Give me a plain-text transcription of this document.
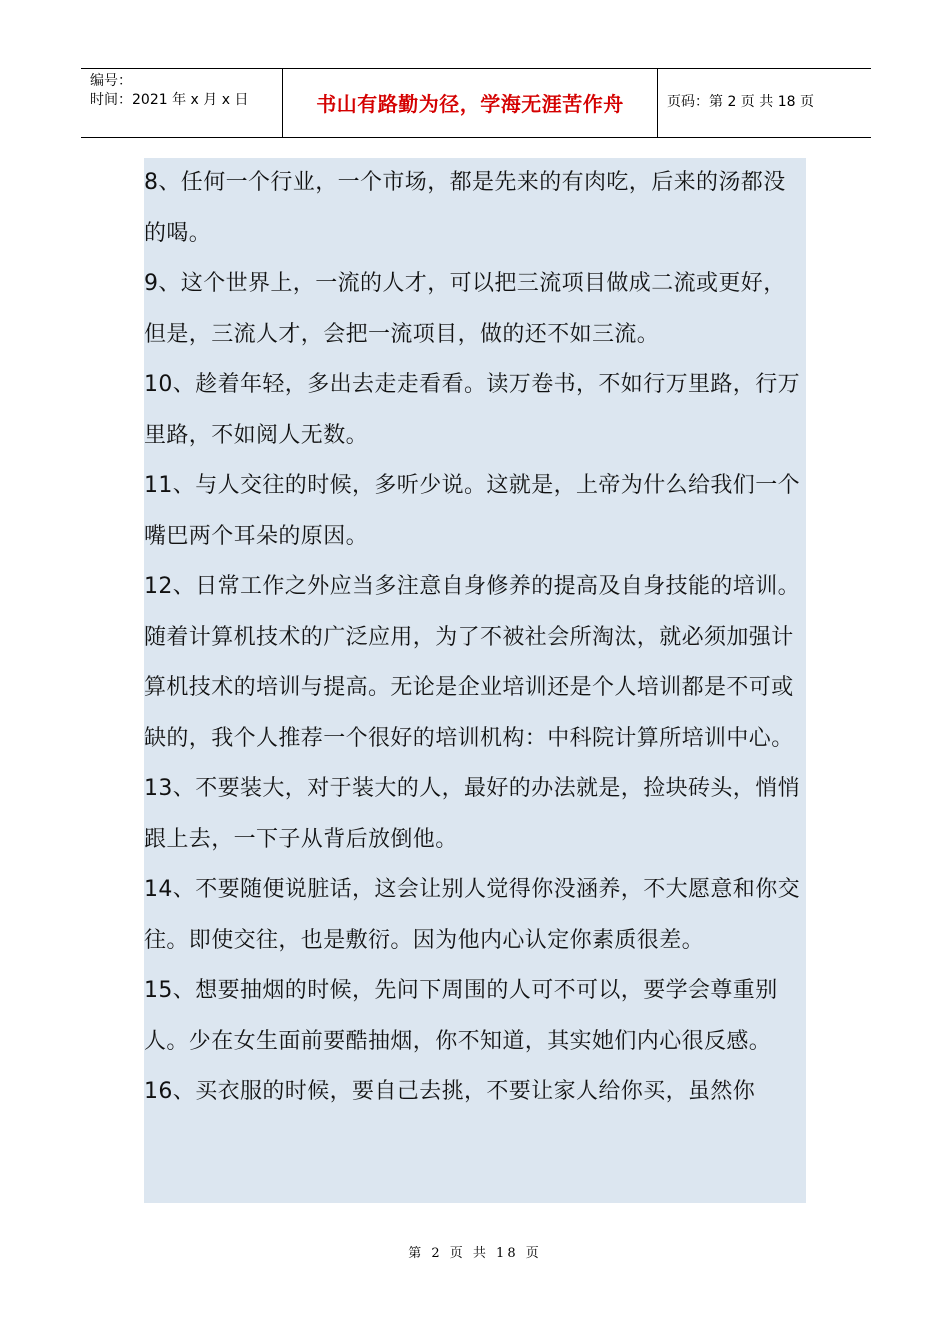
编号：
时间：2021 年 x 月 x 日	书山有路勤为径，学海无涯苦作舟	页码：第 2 页 共 18 页

8、任何一个行业，一个市场，都是先来的有肉吃，后来的汤都没的喝。

9、这个世界上，一流的人才，可以把三流项目做成二流或更好，但是，三流人才，会把一流项目，做的还不如三流。

10、趁着年轻，多出去走走看看。读万卷书，不如行万里路，行万里路，不如阅人无数。

11、与人交往的时候，多听少说。这就是，上帝为什么给我们一个嘴巴两个耳朵的原因。

12、日常工作之外应当多注意自身修养的提高及自身技能的培训。随着计算机技术的广泛应用，为了不被社会所淘汰，就必须加强计算机技术的培训与提高。无论是企业培训还是个人培训都是不可或缺的，我个人推荐一个很好的培训机构：中科院计算所培训中心。

13、不要装大，对于装大的人，最好的办法就是，捡块砖头，悄悄跟上去，一下子从背后放倒他。

14、不要随便说脏话，这会让别人觉得你没涵养，不大愿意和你交往。即使交往，也是敷衍。因为他内心认定你素质很差。

15、想要抽烟的时候，先问下周围的人可不可以，要学会尊重别人。少在女生面前要酷抽烟，你不知道，其实她们内心很反感。

16、买衣服的时候，要自己去挑，不要让家人给你买，虽然你

第 2 页 共 18 页
